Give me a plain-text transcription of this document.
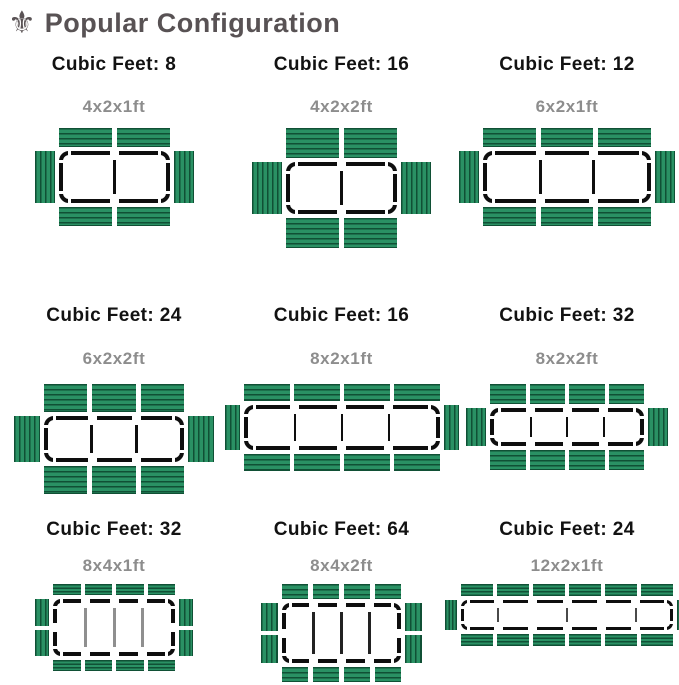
⚜ Popular Configuration
Cubic Feet: 8
4x2x1ft
Cubic Feet: 16
4x2x2ft
Cubic Feet: 12
6x2x1ft
Cubic Feet: 24
6x2x2ft
Cubic Feet: 16
8x2x1ft
Cubic Feet: 32
8x2x2ft
Cubic Feet: 32
8x4x1ft
Cubic Feet: 64
8x4x2ft
Cubic Feet: 24
12x2x1ft
